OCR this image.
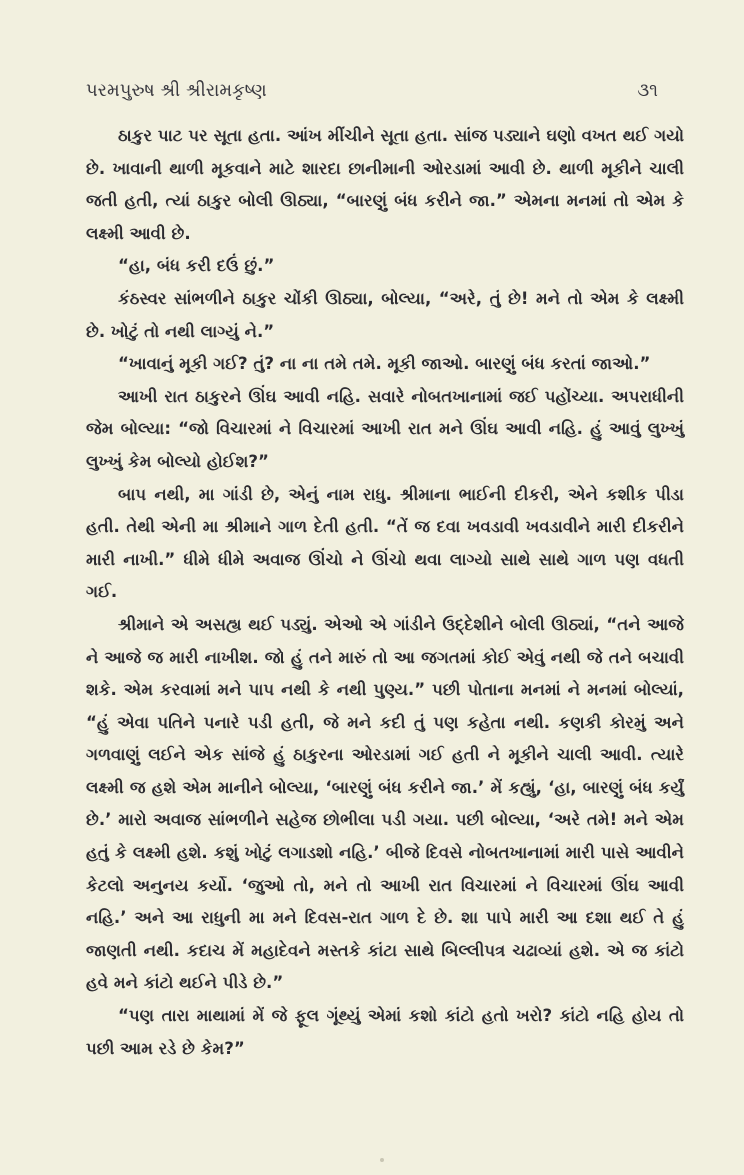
પરમપુરુષ શ્રી શ્રીરામકૃષ્ણ	૩૧

ઠાકુર પાટ પર સૂતા હતા. આંખ મીંચીને સૂતા હતા. સાંજ પડ્યાને ઘણો વખત થઈ ગયો છે. ખાવાની થાળી મૂકવાને માટે શારદા છાનીમાની ઓરડામાં આવી છે. થાળી મૂકીને ચાલી જતી હતી, ત્યાં ઠાકુર બોલી ઊઠ્યા, “બારણું બંધ કરીને જા.” એમના મનમાં તો એમ કે લક્ષ્મી આવી છે.

“હા, બંધ કરી દઉં છું.”

કંઠસ્વર સાંભળીને ઠાકુર ચોંકી ઊઠ્યા, બોલ્યા, “અરે, તું છે! મને તો એમ કે લક્ષ્મી છે. ખોટું તો નથી લાગ્યું ને.”

“ખાવાનું મૂકી ગઈ? તું? ના ના તમે તમે. મૂકી જાઓ. બારણું બંધ કરતાં જાઓ.”

આખી રાત ઠાકુરને ઊંઘ આવી નહિ. સવારે નોબતખાનામાં જઈ પહોંચ્યા. અપરાધીની જેમ બોલ્યા: “જો વિચારમાં ને વિચારમાં આખી રાત મને ઊંઘ આવી નહિ. હું આવું લુખ્ખું લુખ્ખું કેમ બોલ્યો હોઈશ?”

બાપ નથી, મા ગાંડી છે, એનું નામ રાધુ. શ્રીમાના ભાઈની દીકરી, એને કશીક પીડા હતી. તેથી એની મા શ્રીમાને ગાળ દેતી હતી. “તેં જ દવા ખવડાવી ખવડાવીને મારી દીકરીને મારી નાખી.” ધીમે ધીમે અવાજ ઊંચો ને ઊંચો થવા લાગ્યો સાથે સાથે ગાળ પણ વધતી ગઈ.

શ્રીમાને એ અસહ્ય થઈ પડ્યું. એઓ એ ગાંડીને ઉદ્દેશીને બોલી ઊઠ્યાં, “તને આજે ને આજે જ મારી નાખીશ. જો હું તને મારું તો આ જગતમાં કોઈ એવું નથી જે તને બચાવી શકે. એમ કરવામાં મને પાપ નથી કે નથી પુણ્ય.” પછી પોતાના મનમાં ને મનમાં બોલ્યાં, “હું એવા પતિને પનારે પડી હતી, જે મને કદી તું પણ કહેતા નથી. કણકી કોરમું અને ગળવાણું લઈને એક સાંજે હું ઠાકુરના ઓરડામાં ગઈ હતી ને મૂકીને ચાલી આવી. ત્યારે લક્ષ્મી જ હશે એમ માનીને બોલ્યા, ‘બારણું બંધ કરીને જા.’ મેં કહ્યું, ‘હા, બારણું બંધ કર્યું છે.’ મારો અવાજ સાંભળીને સહેજ છોભીલા પડી ગયા. પછી બોલ્યા, ‘અરે તમે! મને એમ હતું કે લક્ષ્મી હશે. કશું ખોટું લગાડશો નહિ.’ બીજે દિવસે નોબતખાનામાં મારી પાસે આવીને કેટલો અનુનય કર્યો. ‘જુઓ તો, મને તો આખી રાત વિચારમાં ને વિચારમાં ઊંઘ આવી નહિ.’ અને આ રાધુની મા મને દિવસ-રાત ગાળ દે છે. શા પાપે મારી આ દશા થઈ તે હું જાણતી નથી. કદાચ મેં મહાદેવને મસ્તકે કાંટા સાથે બિલ્લીપત્ર ચઢાવ્યાં હશે. એ જ કાંટો હવે મને કાંટો થઈને પીડે છે.”

“પણ તારા માથામાં મેં જે ફૂલ ગૂંથ્યું એમાં કશો કાંટો હતો ખરો? કાંટો નહિ હોય તો પછી આમ રડે છે કેમ?”
